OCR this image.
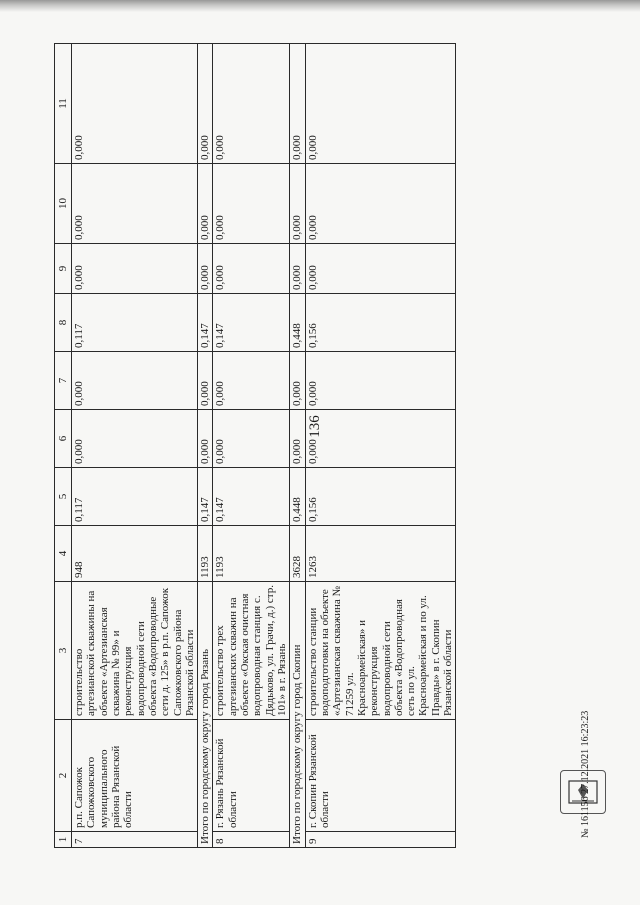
136
1	2	3	4	5	6	7	8	9	10	11
7	р.п. Сапожок Сапожковского муниципального района Рязанской области	строительство артезианской скважины на объекте «Артезианская скважина № 99» и реконструкция водопроводной сети объекта «Водопроводные сети д. 125» в р.п. Сапожок Сапожковского района Рязанской области	948	0,117	0,000	0,000	0,117	0,000	0,000	0,000
Итого по городскому округу город Рязань			1193	0,147	0,000	0,000	0,147	0,000	0,000	0,000
8	г. Рязань Рязанской области	строительство трех артезианских скважин на объекте «Окская очистная водопроводная станция с. Дядьково, ул. Грачи, д.) стр. 101» в г. Рязань	1193	0,147	0,000	0,000	0,147	0,000	0,000	0,000
Итого по городскому округу город Скопин			3628	0,448	0,000	0,000	0,448	0,000	0,000	0,000
9	г. Скопин Рязанской области	строительство станции водоподготовки на объекте «Артезианская скважина № 71259 ул. Красноармейская» и реконструкция водопроводной сети объекта «Водопроводная сеть по ул. Красноармейская и по ул. Правды» в г. Скопин Рязанской области	1263	0,156	0,000	0,000	0,156	0,000	0,000	0,000
№ 161156 27.12.2021 16:23:23
